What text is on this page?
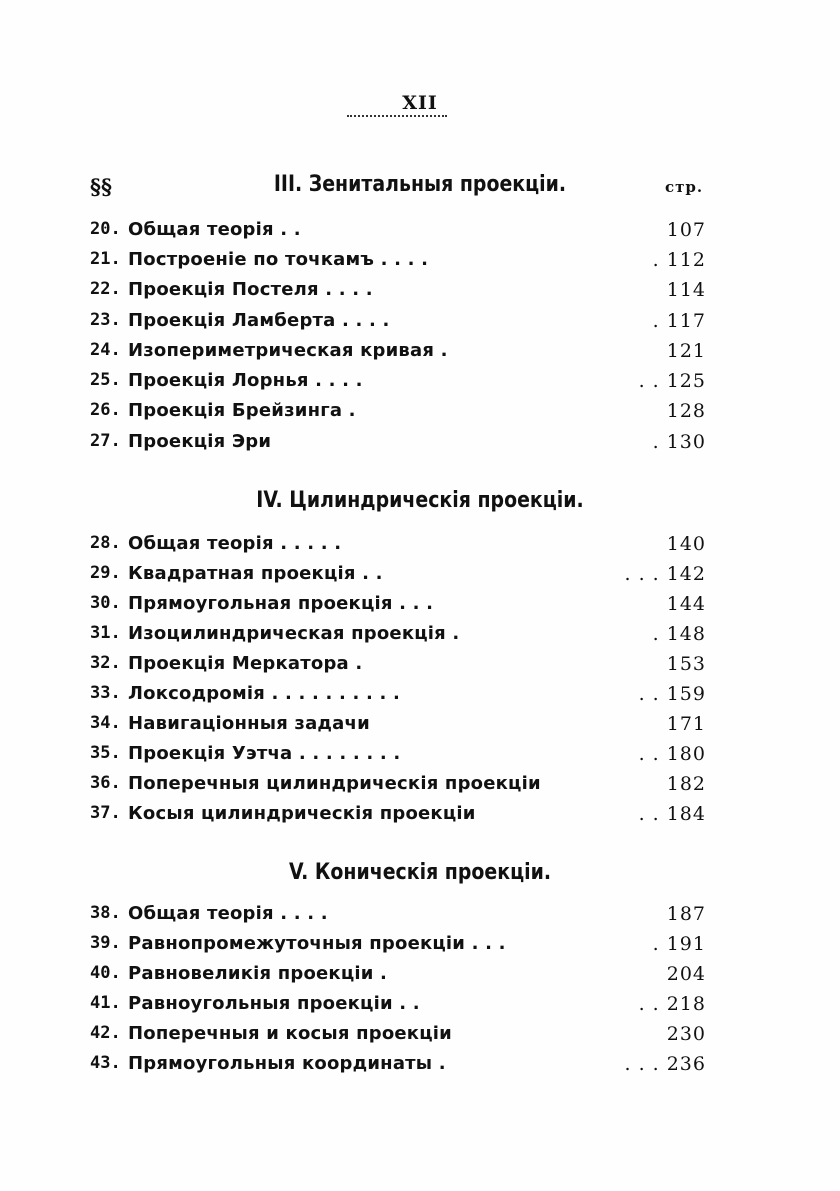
XII
§§	стр.
III. Зенитальныя проекціи.
20. Общая теорія . .	107
21. Построеніе по точкамъ . . . .	. 112
22. Проекція Постеля . . . .	114
23. Проекція Ламберта . . . .	. 117
24. Изопериметрическая кривая .	121
25. Проекція Лорнья . . . .	. . 125
26. Проекція Брейзинга .	128
27. Проекція Эри	. 130
IV. Цилиндрическія проекціи.
28. Общая теорія . . . . .	140
29. Квадратная проекція . .	. . . 142
30. Прямоугольная проекція . . .	144
31. Изоцилиндрическая проекція .	. 148
32. Проекція Меркатора .	153
33. Локсодромія . . . . . . . . . .	. . 159
34. Навигаціонныя задачи	171
35. Проекція Уэтча . . . . . . . .	. . 180
36. Поперечныя цилиндрическія проекціи	182
37. Косыя цилиндрическія проекціи	. . 184
V. Коническія проекціи.
38. Общая теорія . . . .	187
39. Равнопромежуточныя проекціи . . .	. 191
40. Равновеликія проекціи .	204
41. Равноугольныя проекціи . .	. . 218
42. Поперечныя и косыя проекціи	230
43. Прямоугольныя координаты .	. . . 236
